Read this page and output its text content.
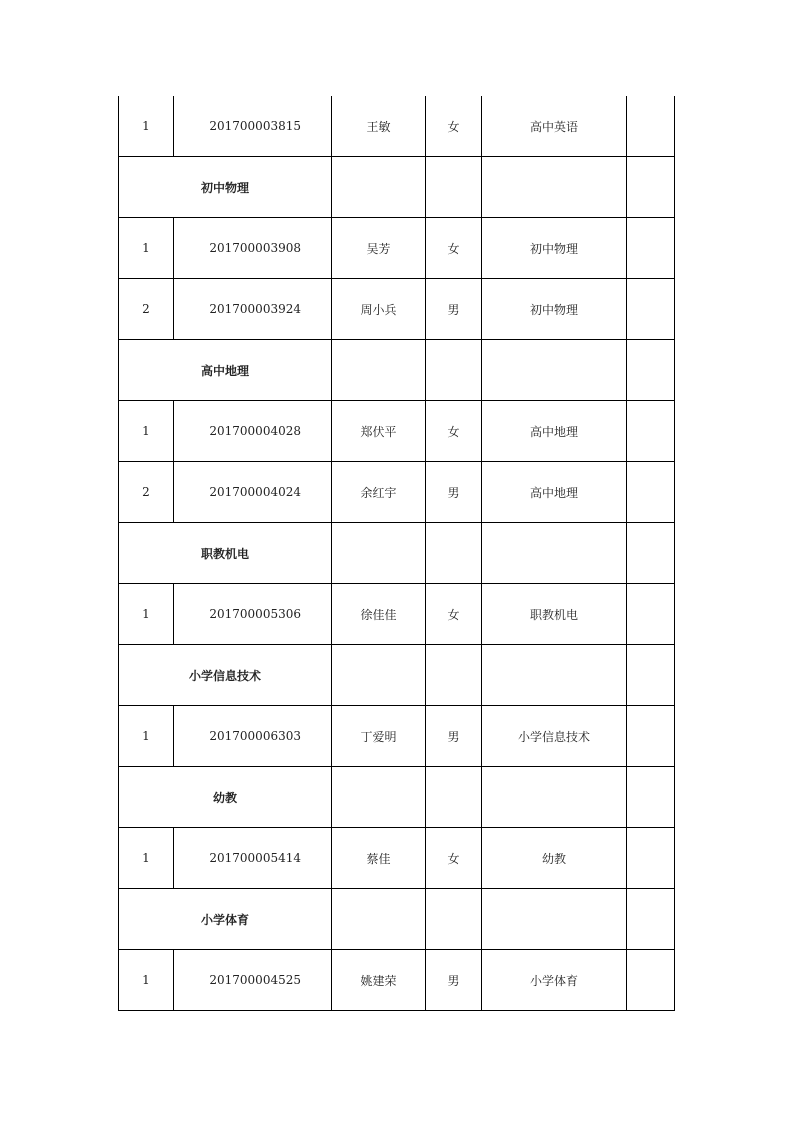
1	201700003815	王敏	女	高中英语	
初中物理					
1	201700003908	吴芳	女	初中物理	
2	201700003924	周小兵	男	初中物理	
高中地理					
1	201700004028	郑伏平	女	高中地理	
2	201700004024	余红宇	男	高中地理	
职教机电					
1	201700005306	徐佳佳	女	职教机电	
小学信息技术					
1	201700006303	丁爱明	男	小学信息技术	
幼教					
1	201700005414	蔡佳	女	幼教	
小学体育					
1	201700004525	姚建荣	男	小学体育	
